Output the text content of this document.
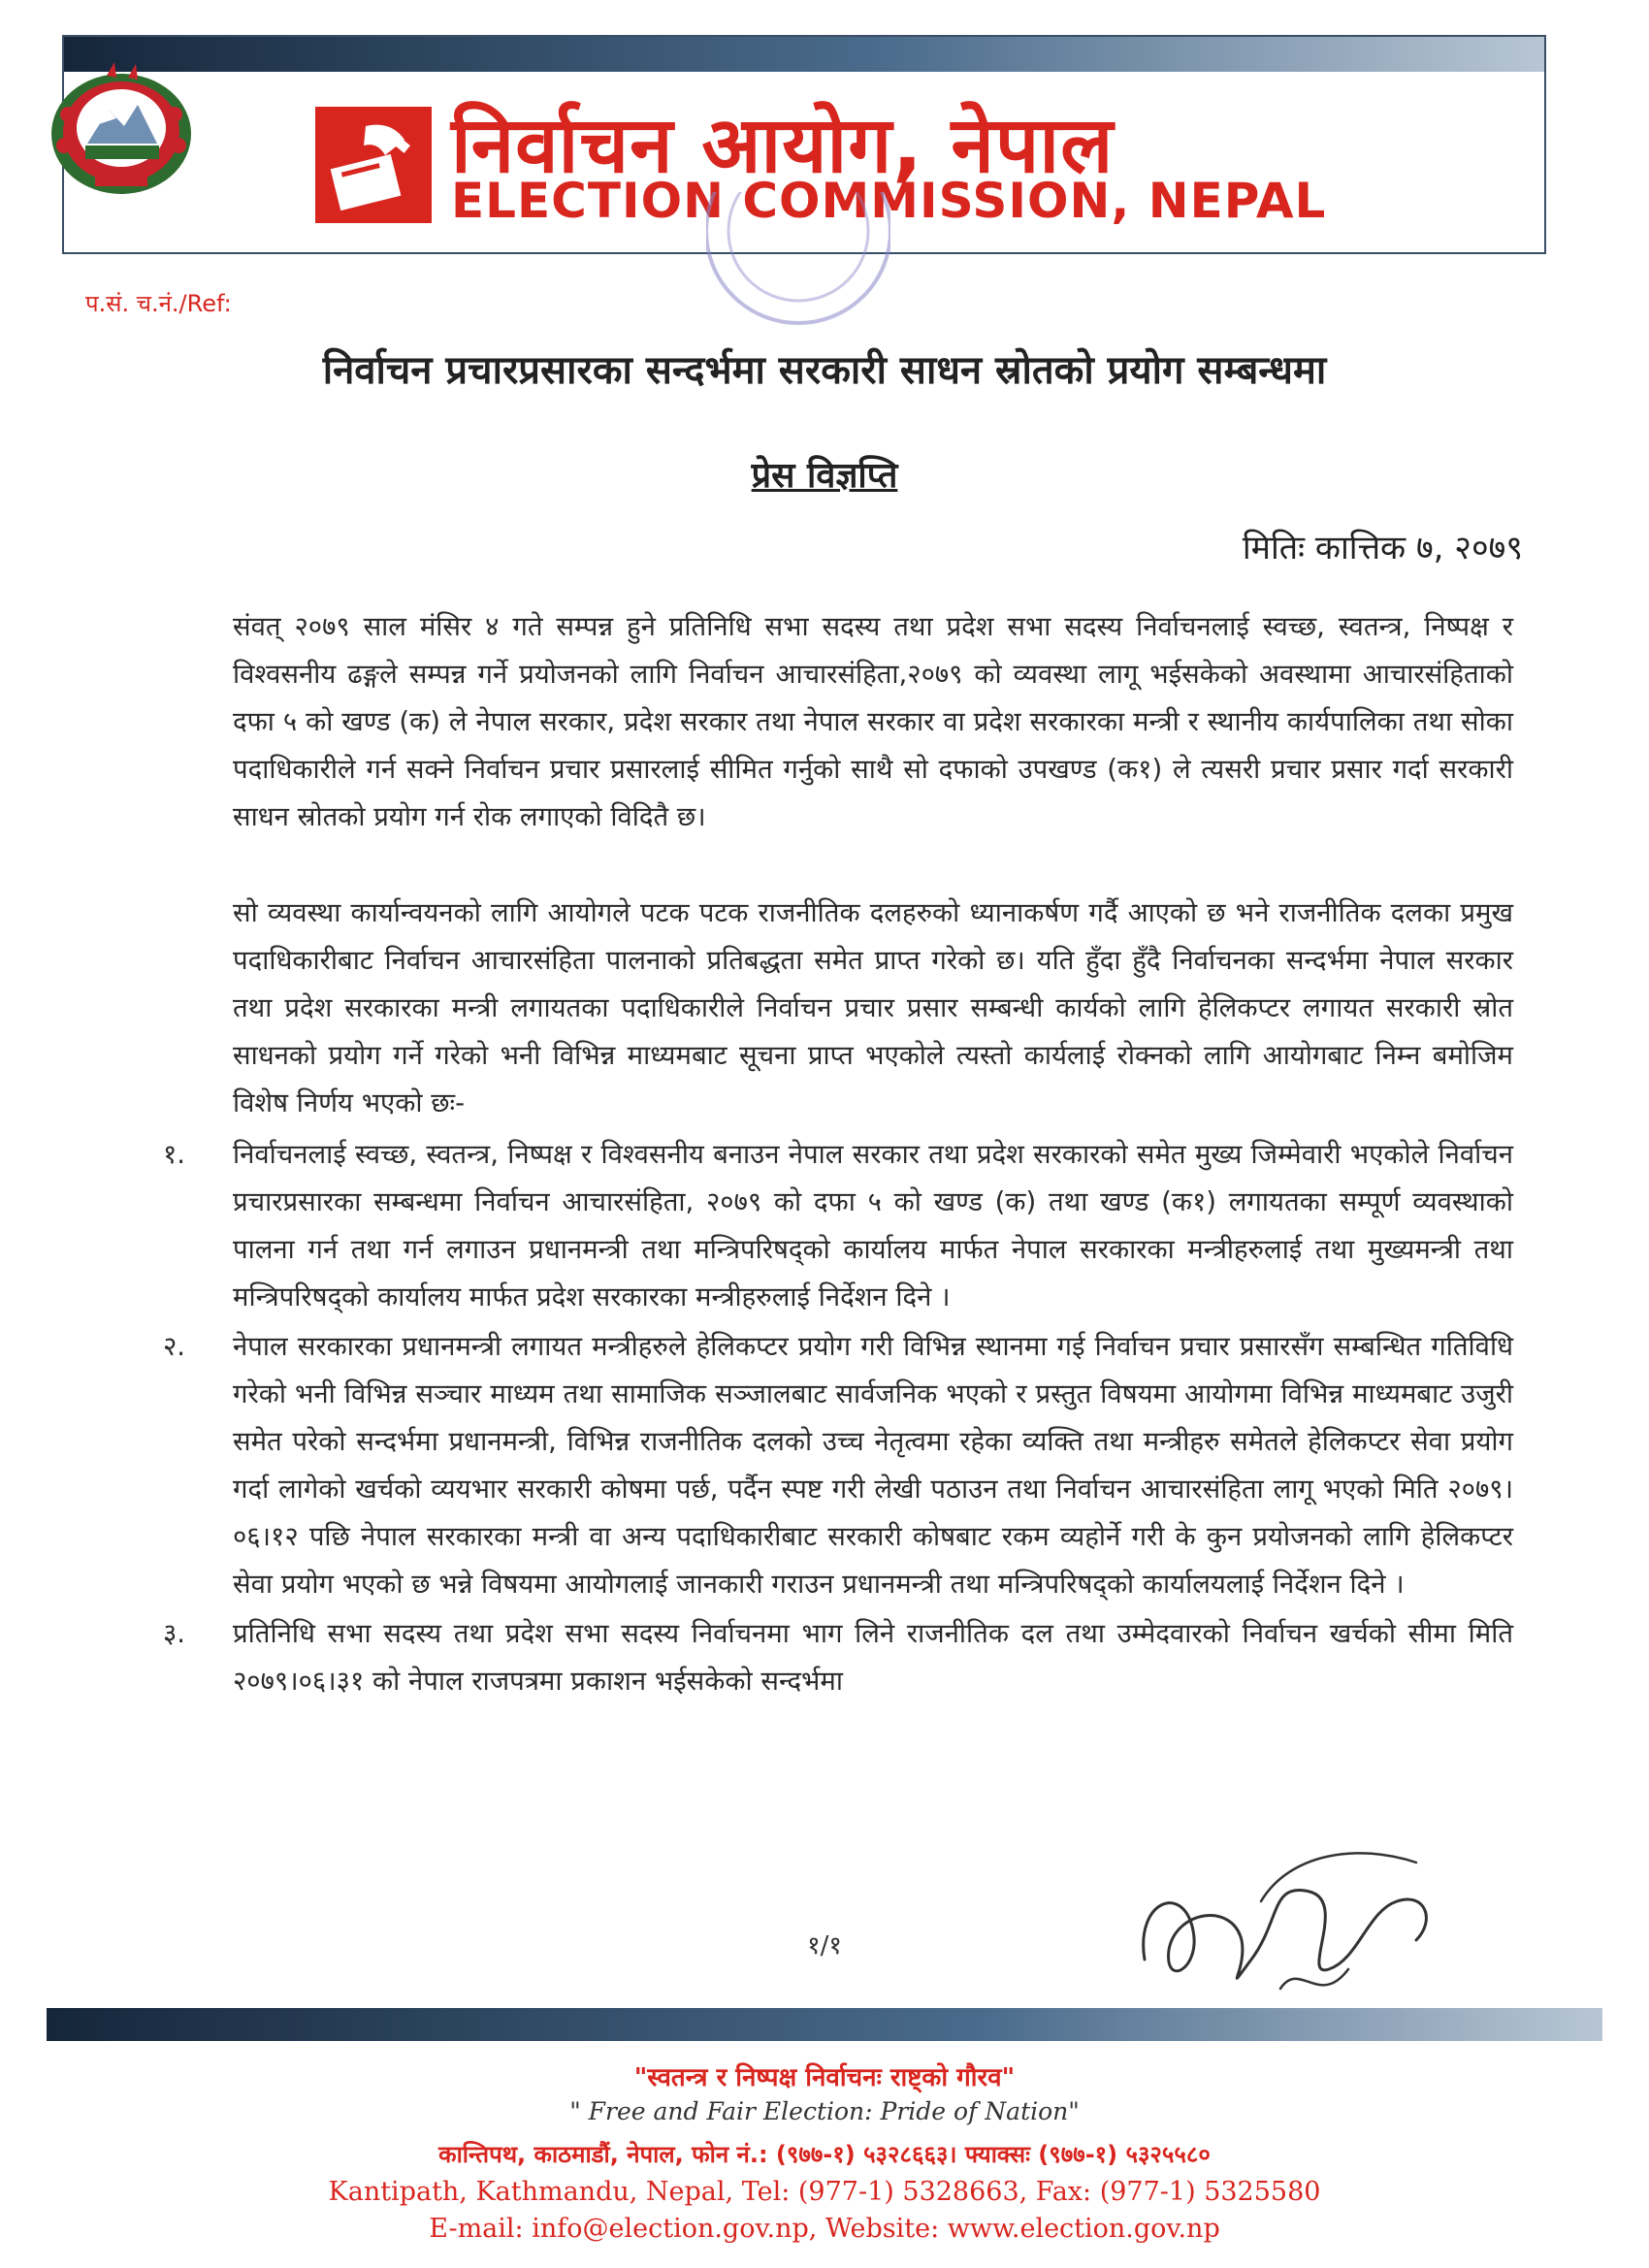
निर्वाचन आयोग, नेपाल
ELECTION COMMISSION, NEPAL
प.सं. च.नं./Ref:
निर्वाचन प्रचारप्रसारका सन्दर्भमा सरकारी साधन स्रोतको प्रयोग सम्बन्धमा
प्रेस विज्ञप्ति
मितिः कात्तिक ७, २०७९

संवत् २०७९ साल मंसिर ४ गते सम्पन्न हुने प्रतिनिधि सभा सदस्य तथा प्रदेश सभा सदस्य निर्वाचनलाई स्वच्छ, स्वतन्त्र, निष्पक्ष र विश्वसनीय ढङ्गले सम्पन्न गर्ने प्रयोजनको लागि निर्वाचन आचारसंहिता,२०७९ को व्यवस्था लागू भईसकेको अवस्थामा आचारसंहिताको दफा ५ को खण्ड (क) ले नेपाल सरकार, प्रदेश सरकार तथा नेपाल सरकार वा प्रदेश सरकारका मन्त्री र स्थानीय कार्यपालिका तथा सोका पदाधिकारीले गर्न सक्ने निर्वाचन प्रचार प्रसारलाई सीमित गर्नुको साथै सो दफाको उपखण्ड (क१) ले त्यसरी प्रचार प्रसार गर्दा सरकारी साधन स्रोतको प्रयोग गर्न रोक लगाएको विदितै छ।

सो व्यवस्था कार्यान्वयनको लागि आयोगले पटक पटक राजनीतिक दलहरुको ध्यानाकर्षण गर्दै आएको छ भने राजनीतिक दलका प्रमुख पदाधिकारीबाट निर्वाचन आचारसंहिता पालनाको प्रतिबद्धता समेत प्राप्त गरेको छ। यति हुँदा हुँदै निर्वाचनका सन्दर्भमा नेपाल सरकार तथा प्रदेश सरकारका मन्त्री लगायतका पदाधिकारीले निर्वाचन प्रचार प्रसार सम्बन्धी कार्यको लागि हेलिकप्टर लगायत सरकारी स्रोत साधनको प्रयोग गर्ने गरेको भनी विभिन्न माध्यमबाट सूचना प्राप्त भएकोले त्यस्तो कार्यलाई रोक्नको लागि आयोगबाट निम्न बमोजिम विशेष निर्णय भएको छः-

१. निर्वाचनलाई स्वच्छ, स्वतन्त्र, निष्पक्ष र विश्वसनीय बनाउन नेपाल सरकार तथा प्रदेश सरकारको समेत मुख्य जिम्मेवारी भएकोले निर्वाचन प्रचारप्रसारका सम्बन्धमा निर्वाचन आचारसंहिता, २०७९ को दफा ५ को खण्ड (क) तथा खण्ड (क१) लगायतका सम्पूर्ण व्यवस्थाको पालना गर्न तथा गर्न लगाउन प्रधानमन्त्री तथा मन्त्रिपरिषद्को कार्यालय मार्फत नेपाल सरकारका मन्त्रीहरुलाई तथा मुख्यमन्त्री तथा मन्त्रिपरिषद्को कार्यालय मार्फत प्रदेश सरकारका मन्त्रीहरुलाई निर्देशन दिने ।
२. नेपाल सरकारका प्रधानमन्त्री लगायत मन्त्रीहरुले हेलिकप्टर प्रयोग गरी विभिन्न स्थानमा गई निर्वाचन प्रचार प्रसारसँग सम्बन्धित गतिविधि गरेको भनी विभिन्न सञ्चार माध्यम तथा सामाजिक सञ्जालबाट सार्वजनिक भएको र प्रस्तुत विषयमा आयोगमा विभिन्न माध्यमबाट उजुरी समेत परेको सन्दर्भमा प्रधानमन्त्री, विभिन्न राजनीतिक दलको उच्च नेतृत्वमा रहेका व्यक्ति तथा मन्त्रीहरु समेतले हेलिकप्टर सेवा प्रयोग गर्दा लागेको खर्चको व्ययभार सरकारी कोषमा पर्छ, पर्दैन स्पष्ट गरी लेखी पठाउन तथा निर्वाचन आचारसंहिता लागू भएको मिति २०७९।०६।१२ पछि नेपाल सरकारका मन्त्री वा अन्य पदाधिकारीबाट सरकारी कोषबाट रकम व्यहोर्ने गरी के कुन प्रयोजनको लागि हेलिकप्टर सेवा प्रयोग भएको छ भन्ने विषयमा आयोगलाई जानकारी गराउन प्रधानमन्त्री तथा मन्त्रिपरिषद्को कार्यालयलाई निर्देशन दिने ।
३. प्रतिनिधि सभा सदस्य तथा प्रदेश सभा सदस्य निर्वाचनमा भाग लिने राजनीतिक दल तथा उम्मेदवारको निर्वाचन खर्चको सीमा मिति २०७९।०६।३१ को नेपाल राजपत्रमा प्रकाशन भईसकेको सन्दर्भमा
१/१
"स्वतन्त्र र निष्पक्ष निर्वाचनः राष्ट्को गौरव"
" Free and Fair Election: Pride of Nation"
कान्तिपथ, काठमाडौं, नेपाल, फोन नं.: (९७७-१) ५३२८६६३। फ्याक्सः (९७७-१) ५३२५५८०
Kantipath, Kathmandu, Nepal, Tel: (977-1) 5328663, Fax: (977-1) 5325580
E-mail: info@election.gov.np, Website: www.election.gov.np
